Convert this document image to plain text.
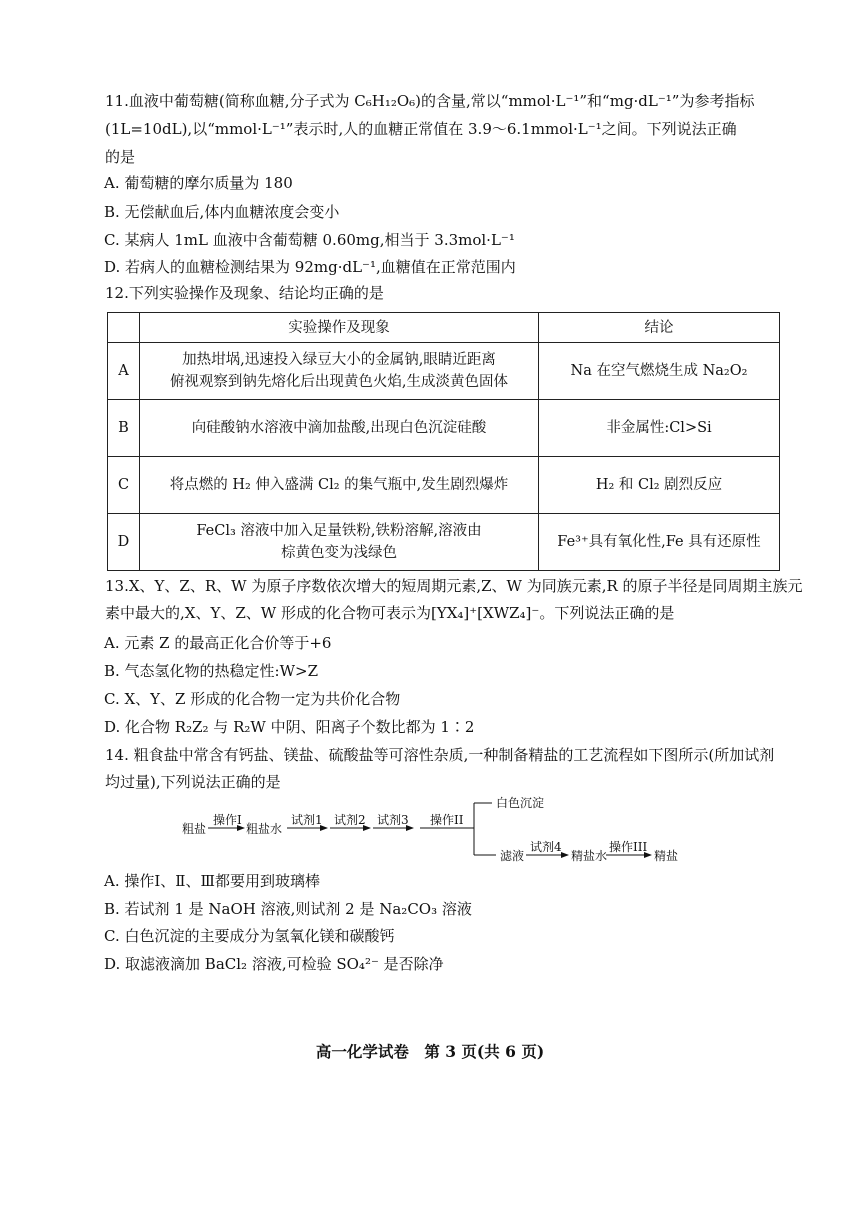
11.血液中葡萄糖(简称血糖,分子式为 C₆H₁₂O₆)的含量,常以“mmol·L⁻¹”和“mg·dL⁻¹”为参考指标
(1L=10dL),以“mmol·L⁻¹”表示时,人的血糖正常值在 3.9～6.1mmol·L⁻¹之间。下列说法正确
的是
A. 葡萄糖的摩尔质量为 180
B. 无偿献血后,体内血糖浓度会变小
C. 某病人 1mL 血液中含葡萄糖 0.60mg,相当于 3.3mol·L⁻¹
D. 若病人的血糖检测结果为 92mg·dL⁻¹,血糖值在正常范围内
12.下列实验操作及现象、结论均正确的是
	实验操作及现象	结论
A	加热坩埚,迅速投入绿豆大小的金属钠,眼睛近距离
俯视观察到钠先熔化后出现黄色火焰,生成淡黄色固体	Na 在空气燃烧生成 Na₂O₂
B	向硅酸钠水溶液中滴加盐酸,出现白色沉淀硅酸	非金属性:Cl>Si
C	将点燃的 H₂ 伸入盛满 Cl₂ 的集气瓶中,发生剧烈爆炸	H₂ 和 Cl₂ 剧烈反应
D	FeCl₃ 溶液中加入足量铁粉,铁粉溶解,溶液由
棕黄色变为浅绿色	Fe³⁺具有氧化性,Fe 具有还原性
13.X、Y、Z、R、W 为原子序数依次增大的短周期元素,Z、W 为同族元素,R 的原子半径是同周期主族元
素中最大的,X、Y、Z、W 形成的化合物可表示为[YX₄]⁺[XWZ₄]⁻。下列说法正确的是
A. 元素 Z 的最高正化合价等于+6
B. 气态氢化物的热稳定性:W>Z
C. X、Y、Z 形成的化合物一定为共价化合物
D. 化合物 R₂Z₂ 与 R₂W 中阴、阳离子个数比都为 1∶2
14. 粗食盐中常含有钙盐、镁盐、硫酸盐等可溶性杂质,一种制备精盐的工艺流程如下图所示(所加试剂
均过量),下列说法正确的是
粗盐
操作I
粗盐水
试剂1 试剂2 试剂3 操作II
白色沉淀
滤液
试剂4
精盐水
操作III
精盐
A. 操作Ⅰ、Ⅱ、Ⅲ都要用到玻璃棒
B. 若试剂 1 是 NaOH 溶液,则试剂 2 是 Na₂CO₃ 溶液
C. 白色沉淀的主要成分为氢氧化镁和碳酸钙
D. 取滤液滴加 BaCl₂ 溶液,可检验 SO₄²⁻ 是否除净
高一化学试卷　第 3 页(共 6 页)
